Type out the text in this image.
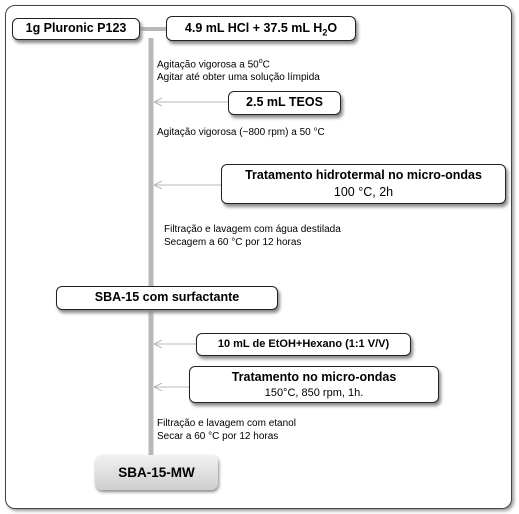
1g Pluronic P123	4.9 mL HCl + 37.5 mL $H_2O$
Agitação vigorosa a 50$^o$C
Agitar até obter uma solução límpida
2.5 mL TEOS
Agitação vigorosa (~800 rpm) a 50 °C
Tratamento hidrotermal no micro-ondas
100 °C, 2h
Filtração e lavagem com água destilada
Secagem a 60 °C por 12 horas
SBA-15 com surfactante
10 mL de EtOH+Hexano (1:1 V/V)
Tratamento no micro-ondas
150°C, 850 rpm, 1h.
Filtração e lavagem com etanol
Secar a 60 °C por 12 horas
SBA-15-MW
